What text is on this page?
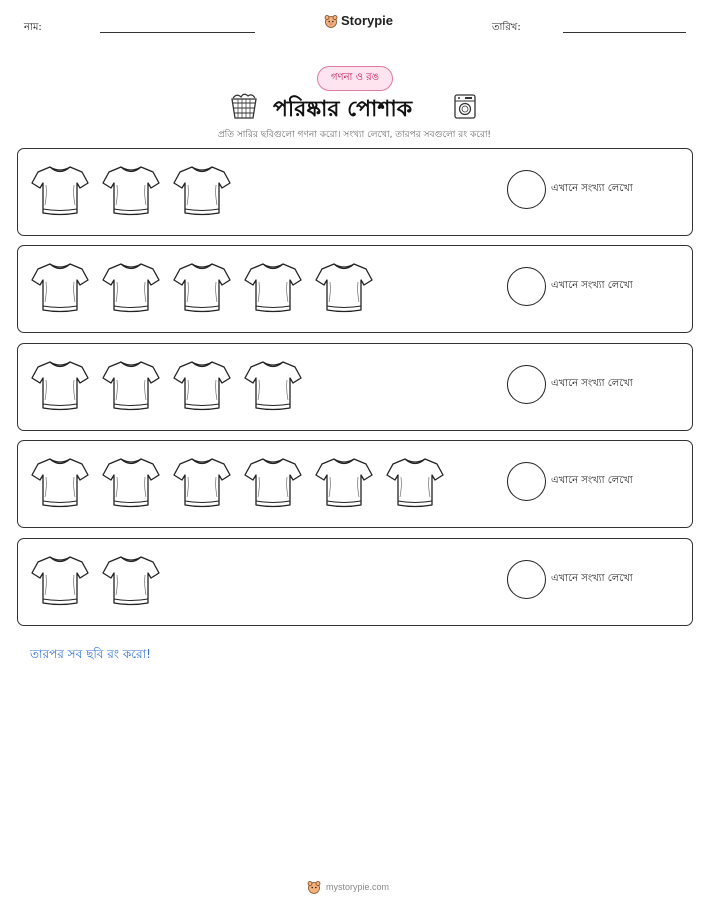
নাম:	Storypie	তারিখ:
গণনা ও রঙ
পরিষ্কার পোশাক
প্রতি সারির ছবিগুলো গণনা করো। সংখ্যা লেখো, তারপর সবগুলো রং করো!
এখানে সংখ্যা লেখো
এখানে সংখ্যা লেখো
এখানে সংখ্যা লেখো
এখানে সংখ্যা লেখো
এখানে সংখ্যা লেখো
তারপর সব ছবি রং করো!
mystorypie.com
